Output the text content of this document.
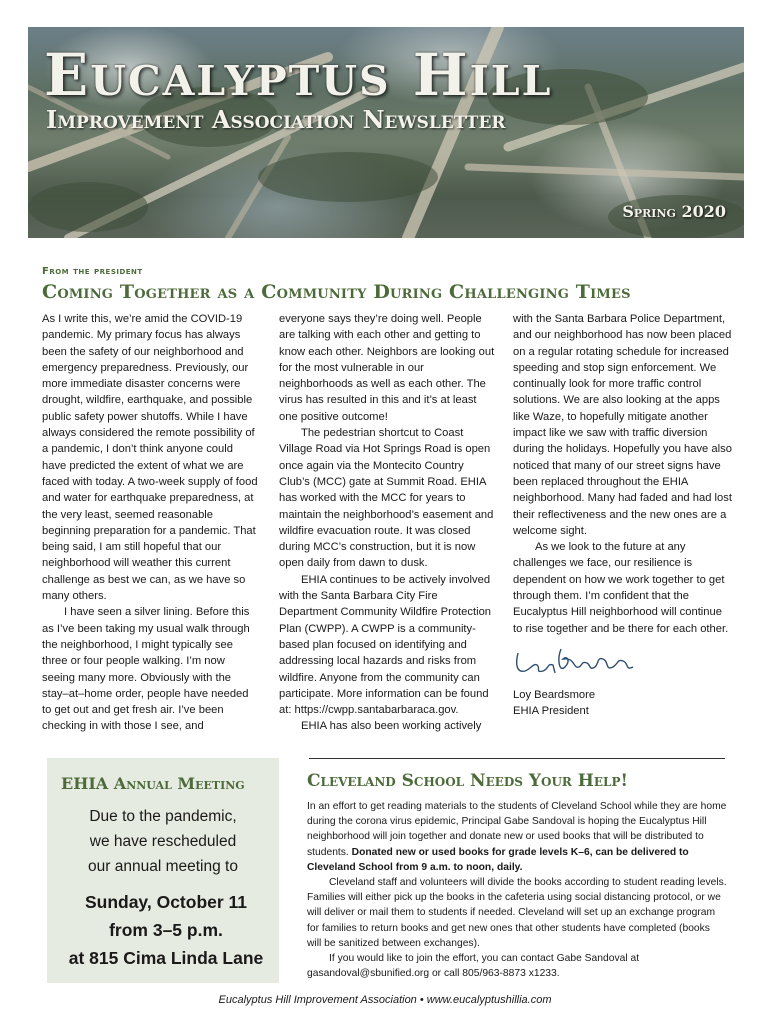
Eucalyptus Hill
Improvement Association Newsletter
Spring 2020
From the president
Coming Together as a Community During Challenging Times

As I write this, we’re amid the COVID-19 pandemic. My primary focus has always been the safety of our neighborhood and emergency preparedness. Previously, our more immediate disaster concerns were drought, wildfire, earthquake, and possible public safety power shutoffs. While I have always considered the remote possibility of a pandemic, I don’t think anyone could have predicted the extent of what we are faced with today. A two-week supply of food and water for earthquake preparedness, at the very least, seemed reasonable beginning preparation for a pandemic. That being said, I am still hopeful that our neighborhood will weather this current challenge as best we can, as we have so many others.

I have seen a silver lining. Before this as I’ve been taking my usual walk through the neighborhood, I might typically see three or four people walking. I’m now seeing many more. Obviously with the stay–at–home order, people have needed to get out and get fresh air. I’ve been checking in with those I see, and

everyone says they’re doing well. People are talking with each other and getting to know each other. Neighbors are looking out for the most vulnerable in our neighborhoods as well as each other. The virus has resulted in this and it’s at least one positive outcome!

The pedestrian shortcut to Coast Village Road via Hot Springs Road is open once again via the Montecito Country Club’s (MCC) gate at Summit Road. EHIA has worked with the MCC for years to maintain the neighborhood’s easement and wildfire evacuation route. It was closed during MCC’s construction, but it is now open daily from dawn to dusk.

EHIA continues to be actively involved with the Santa Barbara City Fire Department Community Wildfire Protection Plan (CWPP). A CWPP is a community-based plan focused on identifying and addressing local hazards and risks from wildfire. Anyone from the community can participate. More information can be found at: https://cwpp.santabarbaraca.gov.

EHIA has also been working actively

with the Santa Barbara Police Department, and our neighborhood has now been placed on a regular rotating schedule for increased speeding and stop sign enforcement. We continually look for more traffic control solutions. We are also looking at the apps like Waze, to hopefully mitigate another impact like we saw with traffic diversion during the holidays. Hopefully you have also noticed that many of our street signs have been replaced throughout the EHIA neighborhood. Many had faded and had lost their reflectiveness and the new ones are a welcome sight.

As we look to the future at any challenges we face, our resilience is dependent on how we work together to get through them. I’m confident that the Eucalyptus Hill neighborhood will continue to rise together and be there for each other.

Loy Beardsmore

EHIA President

EHIA Annual Meeting

Due to the pandemic,

we have rescheduled

our annual meeting to

Sunday, October 11

from 3–5 p.m.

at 815 Cima Linda Lane

Cleveland School Needs Your Help!

In an effort to get reading materials to the students of Cleveland School while they are home during the corona virus epidemic, Principal Gabe Sandoval is hoping the Eucalyptus Hill neighborhood will join together and donate new or used books that will be distributed to students. Donated new or used books for grade levels K–6, can be delivered to Cleveland School from 9 a.m. to noon, daily.

Cleveland staff and volunteers will divide the books according to student reading levels. Families will either pick up the books in the cafeteria using social distancing protocol, or we will deliver or mail them to students if needed. Cleveland will set up an exchange program for families to return books and get new ones that other students have completed (books will be sanitized between exchanges).

If you would like to join the effort, you can contact Gabe Sandoval at gasandoval@sbunified.org or call 805/963-8873 x1233.

Eucalyptus Hill Improvement Association • www.eucalyptushillia.com
